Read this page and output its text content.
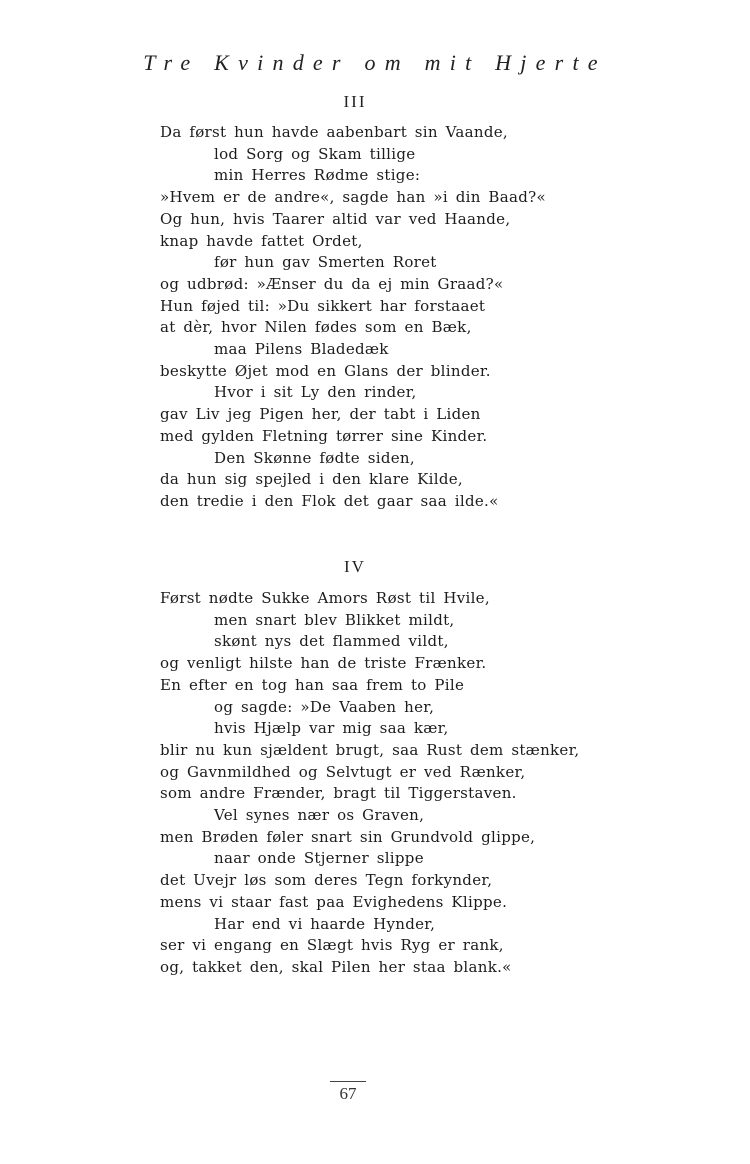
Tre Kvinder om mit Hjerte
III
Da først hun havde aabenbart sin Vaande,
lod Sorg og Skam tillige
min Herres Rødme stige:
»Hvem er de andre«, sagde han »i din Baad?«
Og hun, hvis Taarer altid var ved Haande,
knap havde fattet Ordet,
før hun gav Smerten Roret
og udbrød: »Ænser du da ej min Graad?«
Hun føjed til: »Du sikkert har forstaaet
at dèr, hvor Nilen fødes som en Bæk,
maa Pilens Bladedæk
beskytte Øjet mod en Glans der blinder.
Hvor i sit Ly den rinder,
gav Liv jeg Pigen her, der tabt i Liden
med gylden Fletning tørrer sine Kinder.
Den Skønne fødte siden,
da hun sig spejled i den klare Kilde,
den tredie i den Flok det gaar saa ilde.«
IV
Først nødte Sukke Amors Røst til Hvile,
men snart blev Blikket mildt,
skønt nys det flammed vildt,
og venligt hilste han de triste Frænker.
En efter en tog han saa frem to Pile
og sagde: »De Vaaben her,
hvis Hjælp var mig saa kær,
blir nu kun sjældent brugt, saa Rust dem stænker,
og Gavnmildhed og Selvtugt er ved Rænker,
som andre Frænder, bragt til Tiggerstaven.
Vel synes nær os Graven,
men Brøden føler snart sin Grundvold glippe,
naar onde Stjerner slippe
det Uvejr løs som deres Tegn forkynder,
mens vi staar fast paa Evighedens Klippe.
Har end vi haarde Hynder,
ser vi engang en Slægt hvis Ryg er rank,
og, takket den, skal Pilen her staa blank.«
67
